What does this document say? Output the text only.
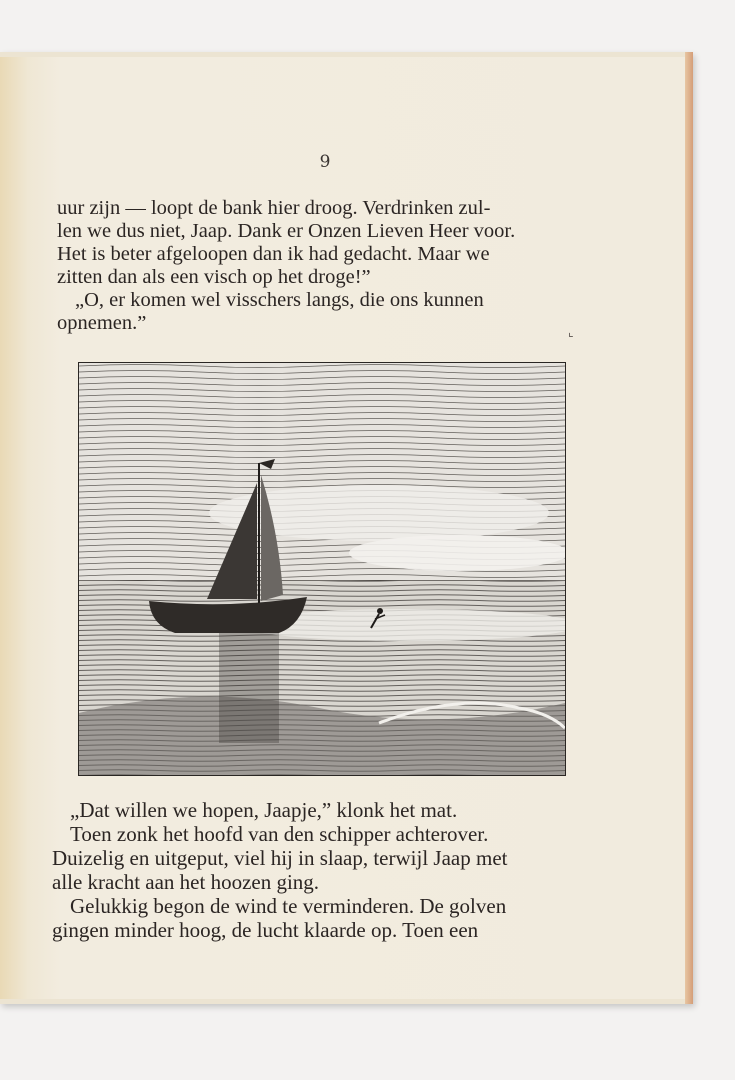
9

uur zijn — loopt de bank hier droog. Verdrinken zul-

len we dus niet, Jaap. Dank er Onzen Lieven Heer voor.

Het is beter afgeloopen dan ik had gedacht. Maar we

zitten dan als een visch op het droge!”

„O, er komen wel visschers langs, die ons kunnen

opnemen.”	⌞

„Dat willen we hopen, Jaapje,” klonk het mat.

Toen zonk het hoofd van den schipper achterover.

Duizelig en uitgeput, viel hij in slaap, terwijl Jaap met

alle kracht aan het hoozen ging.

Gelukkig begon de wind te verminderen. De golven

gingen minder hoog, de lucht klaarde op. Toen een
